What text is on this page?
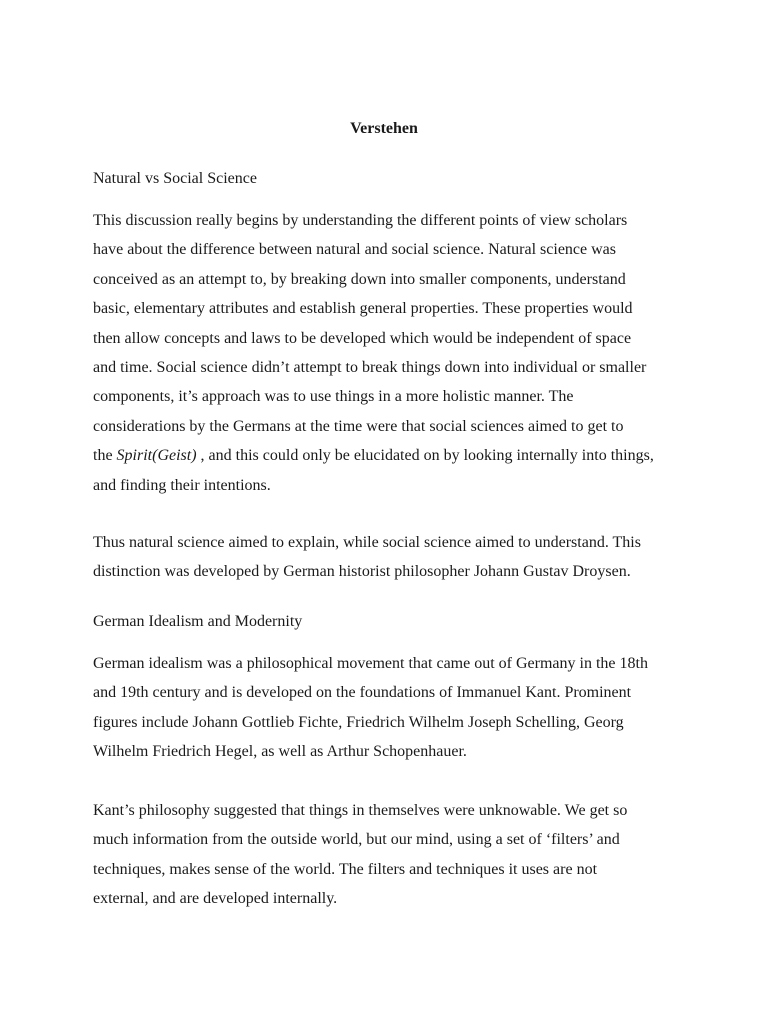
Verstehen
Natural vs Social Science
This discussion really begins by understanding the different points of view scholars
have about the difference between natural and social science. Natural science was
conceived as an attempt to, by breaking down into smaller components, understand
basic, elementary attributes and establish general properties. These properties would
then allow concepts and laws to be developed which would be independent of space
and time. Social science didn’t attempt to break things down into individual or smaller
components, it’s approach was to use things in a more holistic manner. The
considerations by the Germans at the time were that social sciences aimed to get to
the Spirit(Geist) , and this could only be elucidated on by looking internally into things,
and finding their intentions.
Thus natural science aimed to explain, while social science aimed to understand. This
distinction was developed by German historist philosopher Johann Gustav Droysen.
German Idealism and Modernity
German idealism was a philosophical movement that came out of Germany in the 18th
and 19th century and is developed on the foundations of Immanuel Kant. Prominent
figures include Johann Gottlieb Fichte, Friedrich Wilhelm Joseph Schelling, Georg
Wilhelm Friedrich Hegel, as well as Arthur Schopenhauer.
Kant’s philosophy suggested that things in themselves were unknowable. We get so
much information from the outside world, but our mind, using a set of ‘filters’ and
techniques, makes sense of the world. The filters and techniques it uses are not
external, and are developed internally.
